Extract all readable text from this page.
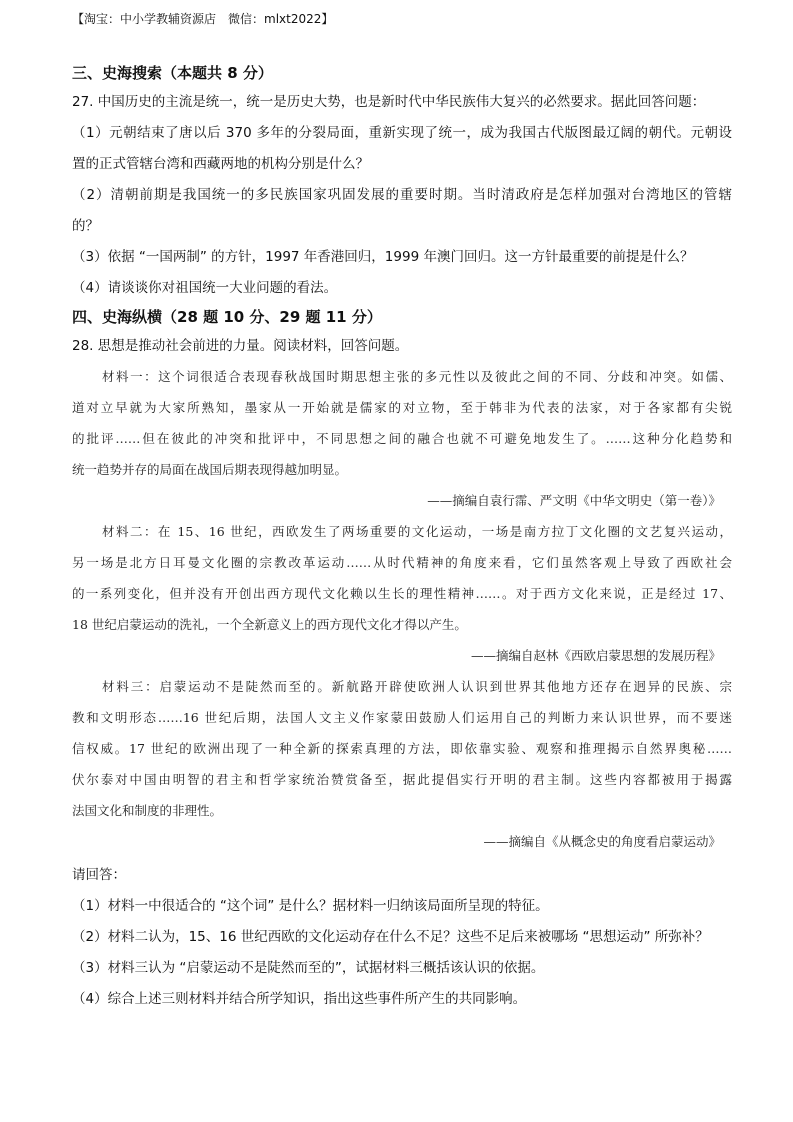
【淘宝：中小学教辅资源店　微信：mlxt2022】
三、史海搜索（本题共 8 分）
27. 中国历史的主流是统一，统一是历史大势，也是新时代中华民族伟大复兴的必然要求。据此回答问题：
（1）元朝结束了唐以后 370 多年的分裂局面，重新实现了统一，成为我国古代版图最辽阔的朝代。元朝设
置的正式管辖台湾和西藏两地的机构分别是什么？
（2）清朝前期是我国统一的多民族国家巩固发展的重要时期。当时清政府是怎样加强对台湾地区的管辖
的？
（3）依据 “一国两制” 的方针，1997 年香港回归，1999 年澳门回归。这一方针最重要的前提是什么？
（4）请谈谈你对祖国统一大业问题的看法。
四、史海纵横（28 题 10 分、29 题 11 分）
28. 思想是推动社会前进的力量。阅读材料，回答问题。
材料一：这个词很适合表现春秋战国时期思想主张的多元性以及彼此之间的不同、分歧和冲突。如儒、
道对立早就为大家所熟知，墨家从一开始就是儒家的对立物，至于韩非为代表的法家，对于各家都有尖锐
的批评……但在彼此的冲突和批评中，不同思想之间的融合也就不可避免地发生了。……这种分化趋势和
统一趋势并存的局面在战国后期表现得越加明显。
——摘编自袁行霈、严文明《中华文明史（第一卷）》
材料二：在 15、16 世纪，西欧发生了两场重要的文化运动，一场是南方拉丁文化圈的文艺复兴运动，
另一场是北方日耳曼文化圈的宗教改革运动……从时代精神的角度来看，它们虽然客观上导致了西欧社会
的一系列变化，但并没有开创出西方现代文化赖以生长的理性精神……。对于西方文化来说，正是经过 17、
18 世纪启蒙运动的洗礼，一个全新意义上的西方现代文化才得以产生。
——摘编自赵林《西欧启蒙思想的发展历程》
材料三：启蒙运动不是陡然而至的。新航路开辟使欧洲人认识到世界其他地方还存在迥异的民族、宗
教和文明形态……16 世纪后期，法国人文主义作家蒙田鼓励人们运用自己的判断力来认识世界，而不要迷
信权威。17 世纪的欧洲出现了一种全新的探索真理的方法，即依靠实验、观察和推理揭示自然界奥秘……
伏尔泰对中国由明智的君主和哲学家统治赞赏备至，据此提倡实行开明的君主制。这些内容都被用于揭露
法国文化和制度的非理性。
——摘编自《从概念史的角度看启蒙运动》
请回答：
（1）材料一中很适合的 “这个词” 是什么？据材料一归纳该局面所呈现的特征。
（2）材料二认为，15、16 世纪西欧的文化运动存在什么不足？这些不足后来被哪场 “思想运动” 所弥补？
（3）材料三认为 “启蒙运动不是陡然而至的”，试据材料三概括该认识的依据。
（4）综合上述三则材料并结合所学知识，指出这些事件所产生的共同影响。
